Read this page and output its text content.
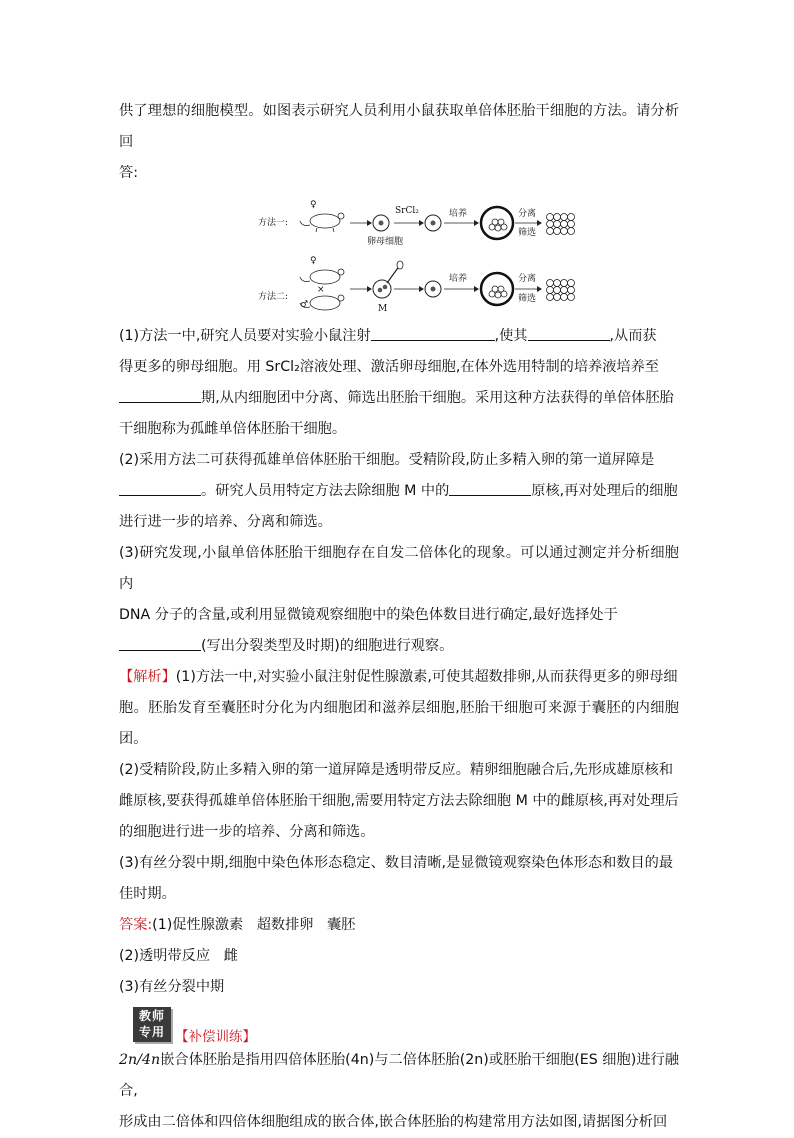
供了理想的细胞模型。如图表示研究人员利用小鼠获取单倍体胚胎干细胞的方法。请分析回

答:

方法一:
♀
卵母细胞
SrCl₂	培养	分离
筛选
方法二:
♀
×
♂	M
培养	分离
筛选

(1)方法一中,研究人员要对实验小鼠注射	,使其	,从而获

得更多的卵母细胞。用 SrCl₂溶液处理、激活卵母细胞,在体外选用特制的培养液培养至

期,从内细胞团中分离、筛选出胚胎干细胞。采用这种方法获得的单倍体胚胎

干细胞称为孤雌单倍体胚胎干细胞。

(2)采用方法二可获得孤雄单倍体胚胎干细胞。受精阶段,防止多精入卵的第一道屏障是

。研究人员用特定方法去除细胞 M 中的	原核,再对处理后的细胞

进行进一步的培养、分离和筛选。

(3)研究发现,小鼠单倍体胚胎干细胞存在自发二倍体化的现象。可以通过测定并分析细胞内

DNA 分子的含量,或利用显微镜观察细胞中的染色体数目进行确定,最好选择处于

(写出分裂类型及时期)的细胞进行观察。

【解析】(1)方法一中,对实验小鼠注射促性腺激素,可使其超数排卵,从而获得更多的卵母细

胞。胚胎发育至囊胚时分化为内细胞团和滋养层细胞,胚胎干细胞可来源于囊胚的内细胞团。

(2)受精阶段,防止多精入卵的第一道屏障是透明带反应。精卵细胞融合后,先形成雄原核和

雌原核,要获得孤雄单倍体胚胎干细胞,需要用特定方法去除细胞 M 中的雌原核,再对处理后

的细胞进行进一步的培养、分离和筛选。

(3)有丝分裂中期,细胞中染色体形态稳定、数目清晰,是显微镜观察染色体形态和数目的最

佳时期。

答案:(1)促性腺激素   超数排卵   囊胚

(2)透明带反应   雌

(3)有丝分裂中期

教师
专用 【补偿训练】

2n/4n嵌合体胚胎是指用四倍体胚胎(4n)与二倍体胚胎(2n)或胚胎干细胞(ES 细胞)进行融合,

形成由二倍体和四倍体细胞组成的嵌合体,嵌合体胚胎的构建常用方法如图,请据图分析回
